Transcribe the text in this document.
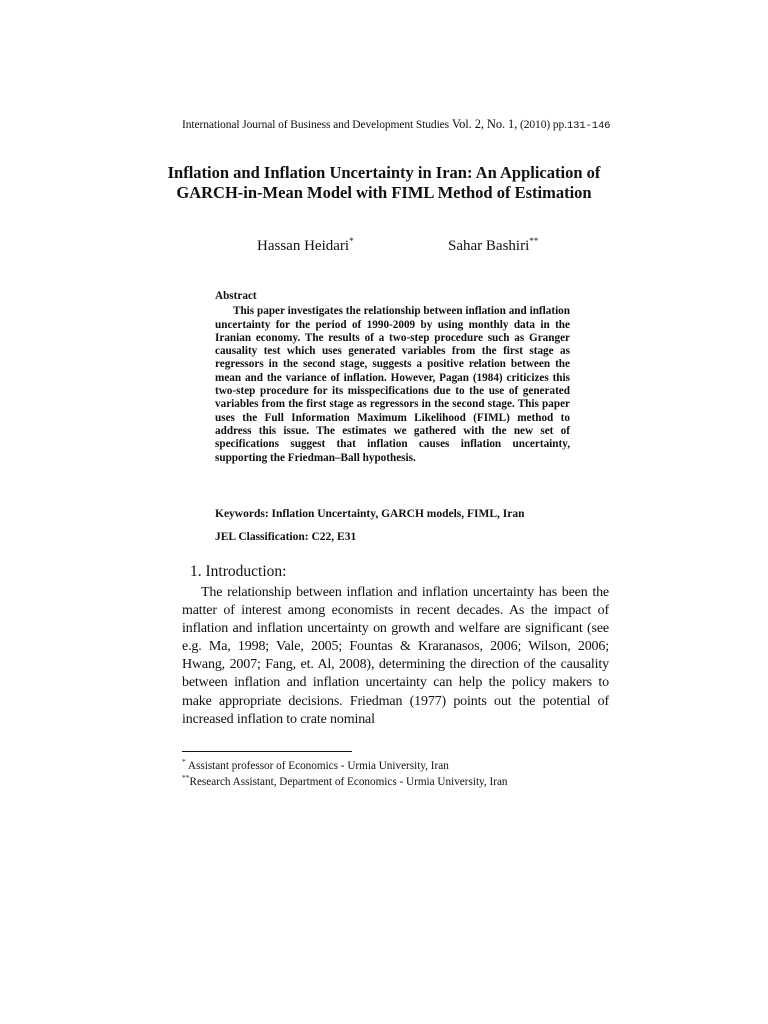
International Journal of Business and Development Studies Vol. 2, No. 1, (2010) pp.131-146
Inflation and Inflation Uncertainty in Iran: An Application of GARCH-in-Mean Model with FIML Method of Estimation
Hassan Heidari*	Sahar Bashiri**

Abstract

This paper investigates the relationship between inflation and inflation uncertainty for the period of 1990-2009 by using monthly data in the Iranian economy. The results of a two-step procedure such as Granger causality test which uses generated variables from the first stage as regressors in the second stage, suggests a positive relation between the mean and the variance of inflation. However, Pagan (1984) criticizes this two-step procedure for its misspecifications due to the use of generated variables from the first stage as regressors in the second stage. This paper uses the Full Information Maximum Likelihood (FIML) method to address this issue. The estimates we gathered with the new set of specifications suggest that inflation causes inflation uncertainty, supporting the Friedman–Ball hypothesis.

Keywords: Inflation Uncertainty, GARCH models, FIML, Iran
JEL Classification: C22, E31
1. Introduction:

The relationship between inflation and inflation uncertainty has been the matter of interest among economists in recent decades. As the impact of inflation and inflation uncertainty on growth and welfare are significant (see e.g. Ma, 1998; Vale, 2005; Fountas & Kraranasos, 2006; Wilson, 2006; Hwang, 2007; Fang, et. Al, 2008), determining the direction of the causality between inflation and inflation uncertainty can help the policy makers to make appropriate decisions. Friedman (1977) points out the potential of increased inflation to crate nominal

* Assistant professor of Economics - Urmia University, Iran
**Research Assistant, Department of Economics - Urmia University, Iran
